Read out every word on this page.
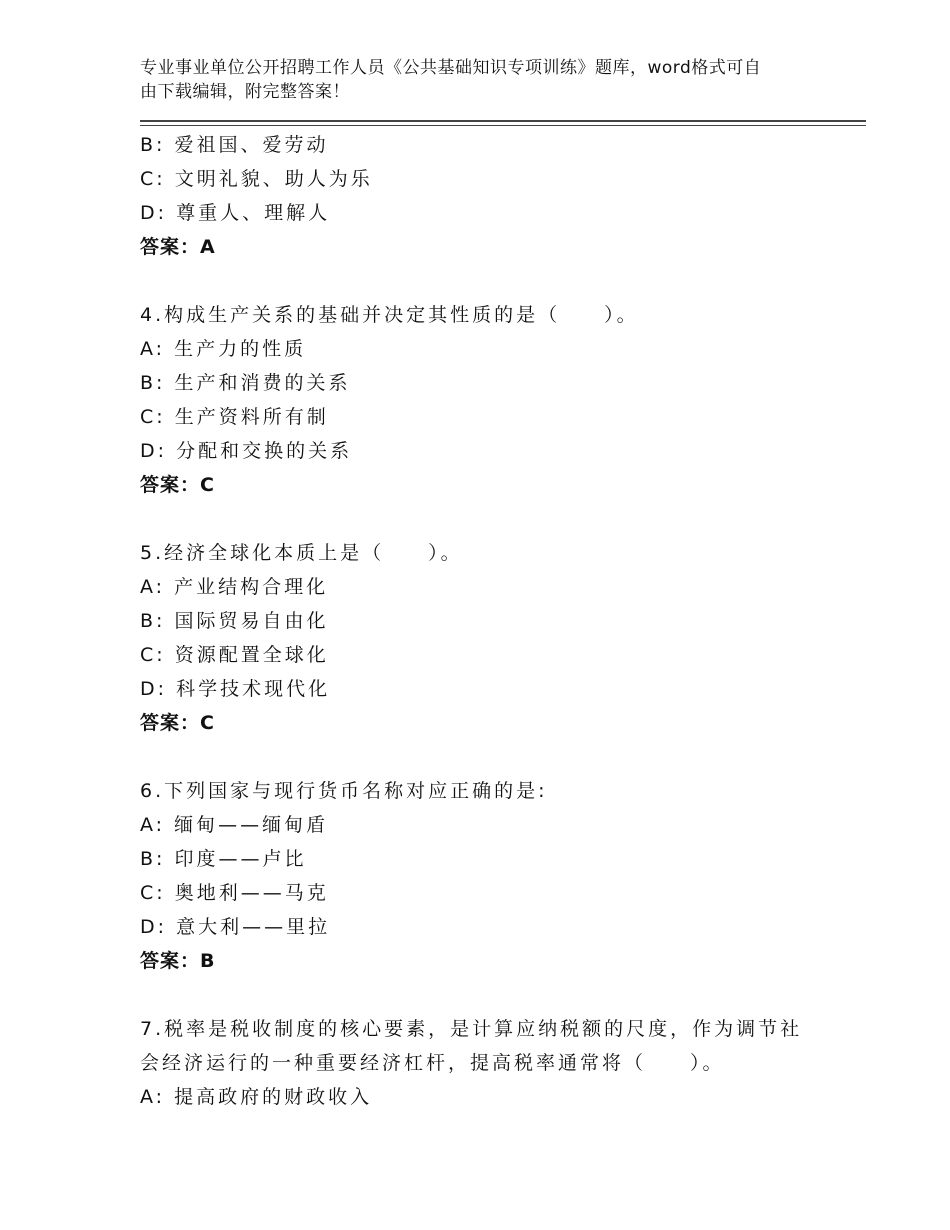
专业事业单位公开招聘工作人员《公共基础知识专项训练》题库，word格式可自
由下载编辑，附完整答案！
B: 爱祖国、爱劳动
C: 文明礼貌、助人为乐
D: 尊重人、理解人
答案：A
4.构成生产关系的基础并决定其性质的是（　　）。
A: 生产力的性质
B: 生产和消费的关系
C: 生产资料所有制
D: 分配和交换的关系
答案：C
5.经济全球化本质上是（　　）。
A: 产业结构合理化
B: 国际贸易自由化
C: 资源配置全球化
D: 科学技术现代化
答案：C
6.下列国家与现行货币名称对应正确的是:
A: 缅甸——缅甸盾
B: 印度——卢比
C: 奥地利——马克
D: 意大利——里拉
答案：B
7.税率是税收制度的核心要素，是计算应纳税额的尺度，作为调节社
会经济运行的一种重要经济杠杆，提高税率通常将（　　）。
A: 提高政府的财政收入
